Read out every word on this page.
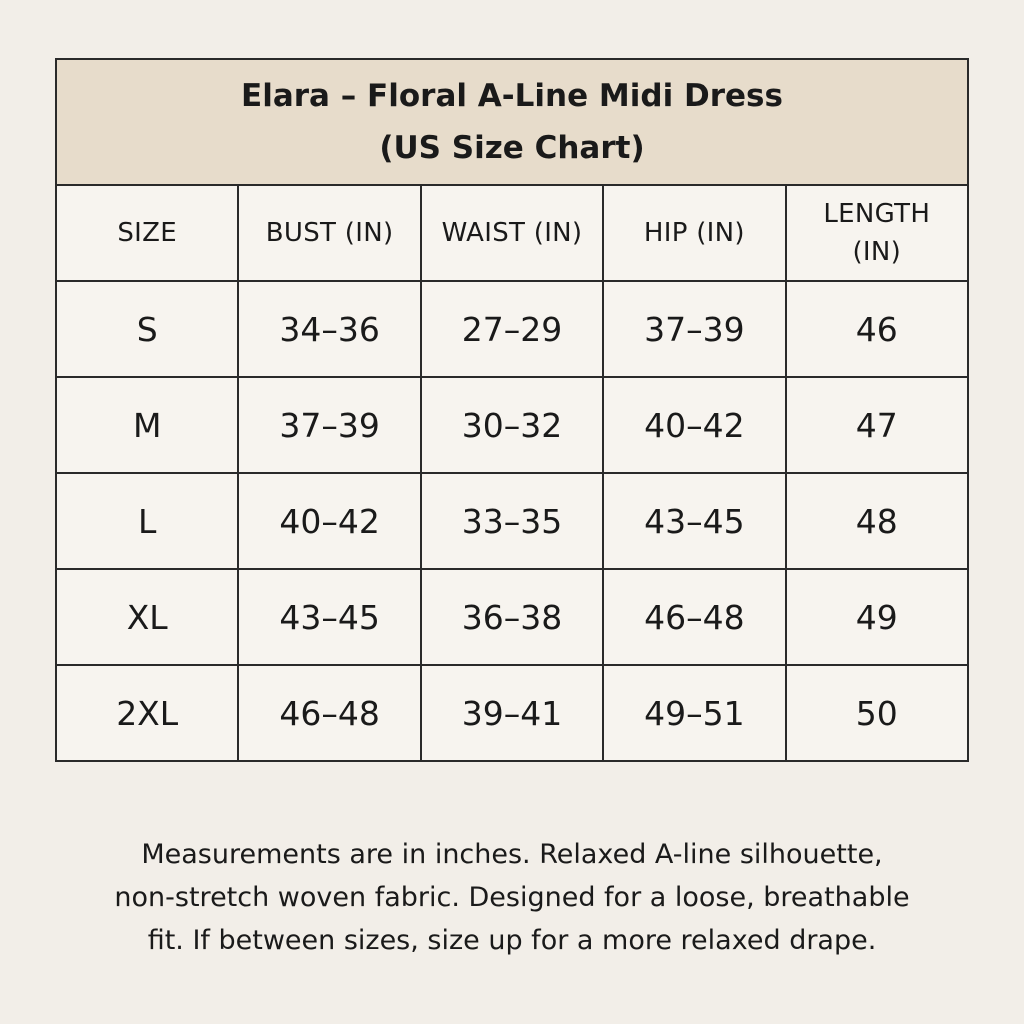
Elara – Floral A-Line Midi Dress
(US Size Chart)				

SIZE	BUST (IN)	WAIST (IN)	HIP (IN)	LENGTH
(IN)

S	34–36	27–29	37–39	46
M	37–39	30–32	40–42	47
L	40–42	33–35	43–45	48
XL	43–45	36–38	46–48	49
2XL	46–48	39–41	49–51	50

Measurements are in inches. Relaxed A-line silhouette,
non-stretch woven fabric. Designed for a loose, breathable
fit. If between sizes, size up for a more relaxed drape.
